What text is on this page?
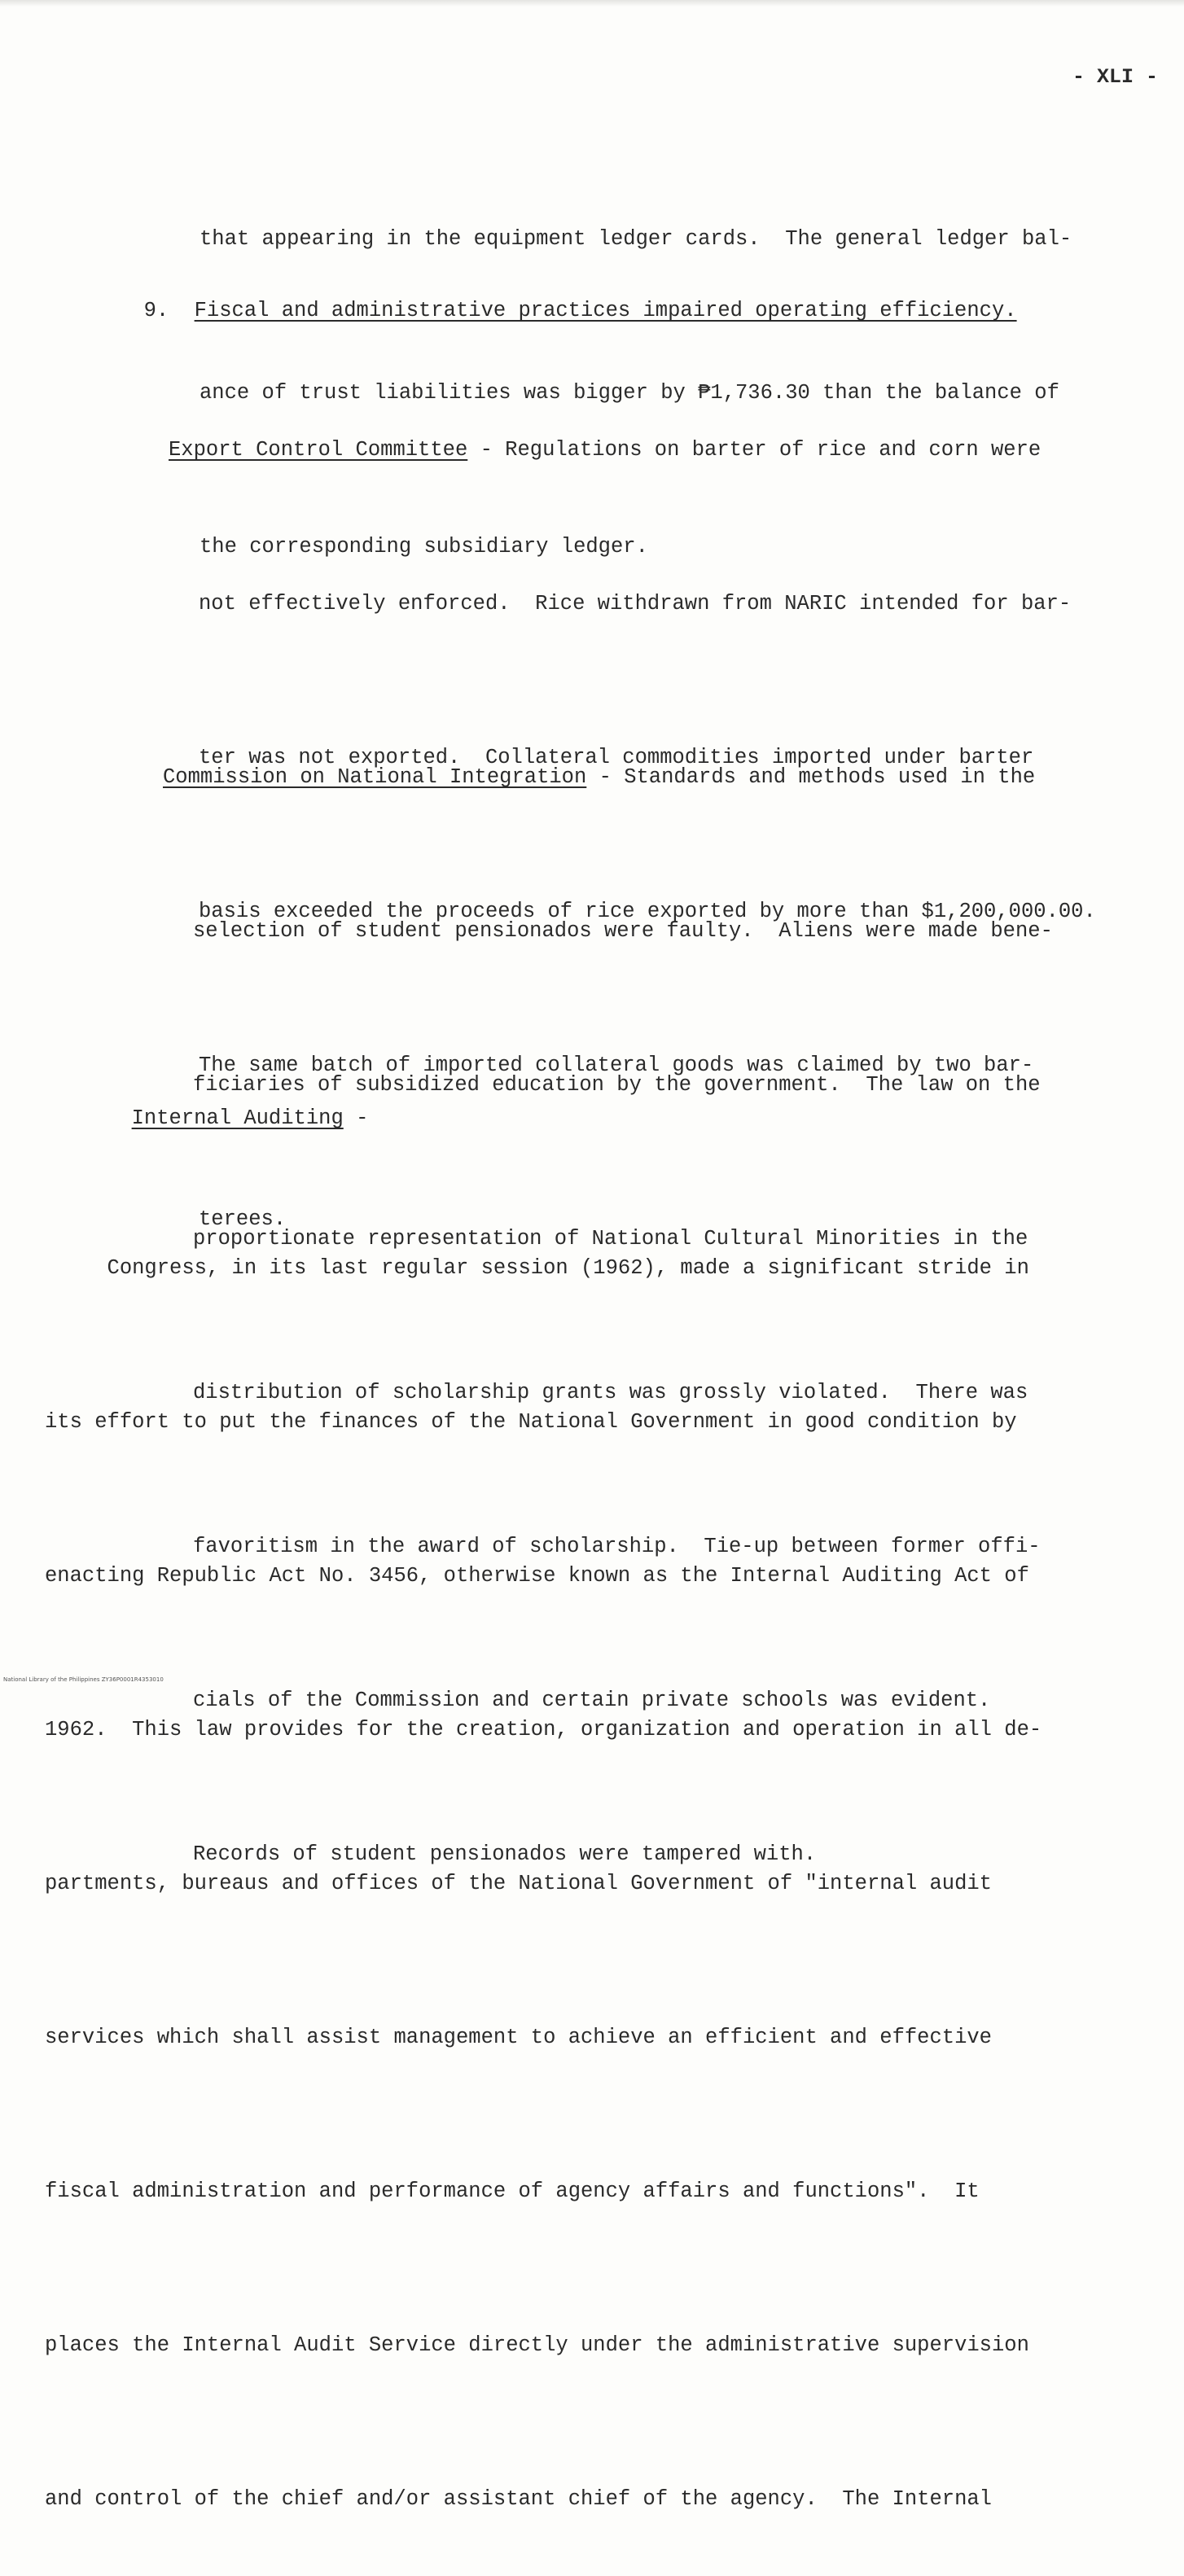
- XLI -

that appearing in the equipment ledger cards.  The general ledger bal-

ance of trust liabilities was bigger by ₱1,736.30 than the balance of

the corresponding subsidiary ledger.

9. Fiscal and administrative practices impaired operating efficiency.

Export Control Committee - Regulations on barter of rice and corn were

not effectively enforced.  Rice withdrawn from NARIC intended for bar-

ter was not exported.  Collateral commodities imported under barter

basis exceeded the proceeds of rice exported by more than $1,200,000.00.

The same batch of imported collateral goods was claimed by two bar-

terees.

Commission on National Integration - Standards and methods used in the

selection of student pensionados were faulty.  Aliens were made bene-

ficiaries of subsidized education by the government.  The law on the

proportionate representation of National Cultural Minorities in the

distribution of scholarship grants was grossly violated.  There was

favoritism in the award of scholarship.  Tie-up between former offi-

cials of the Commission and certain private schools was evident.

Records of student pensionados were tampered with.

Internal Auditing -

Congress, in its last regular session (1962), made a significant stride in

its effort to put the finances of the National Government in good condition by

enacting Republic Act No. 3456, otherwise known as the Internal Auditing Act of

1962.  This law provides for the creation, organization and operation in all de-

partments, bureaus and offices of the National Government of "internal audit

services which shall assist management to achieve an efficient and effective

fiscal administration and performance of agency affairs and functions".  It

places the Internal Audit Service directly under the administrative supervision

and control of the chief and/or assistant chief of the agency.  The Internal

National Library of the Philippines ZY36P0001R4353010
